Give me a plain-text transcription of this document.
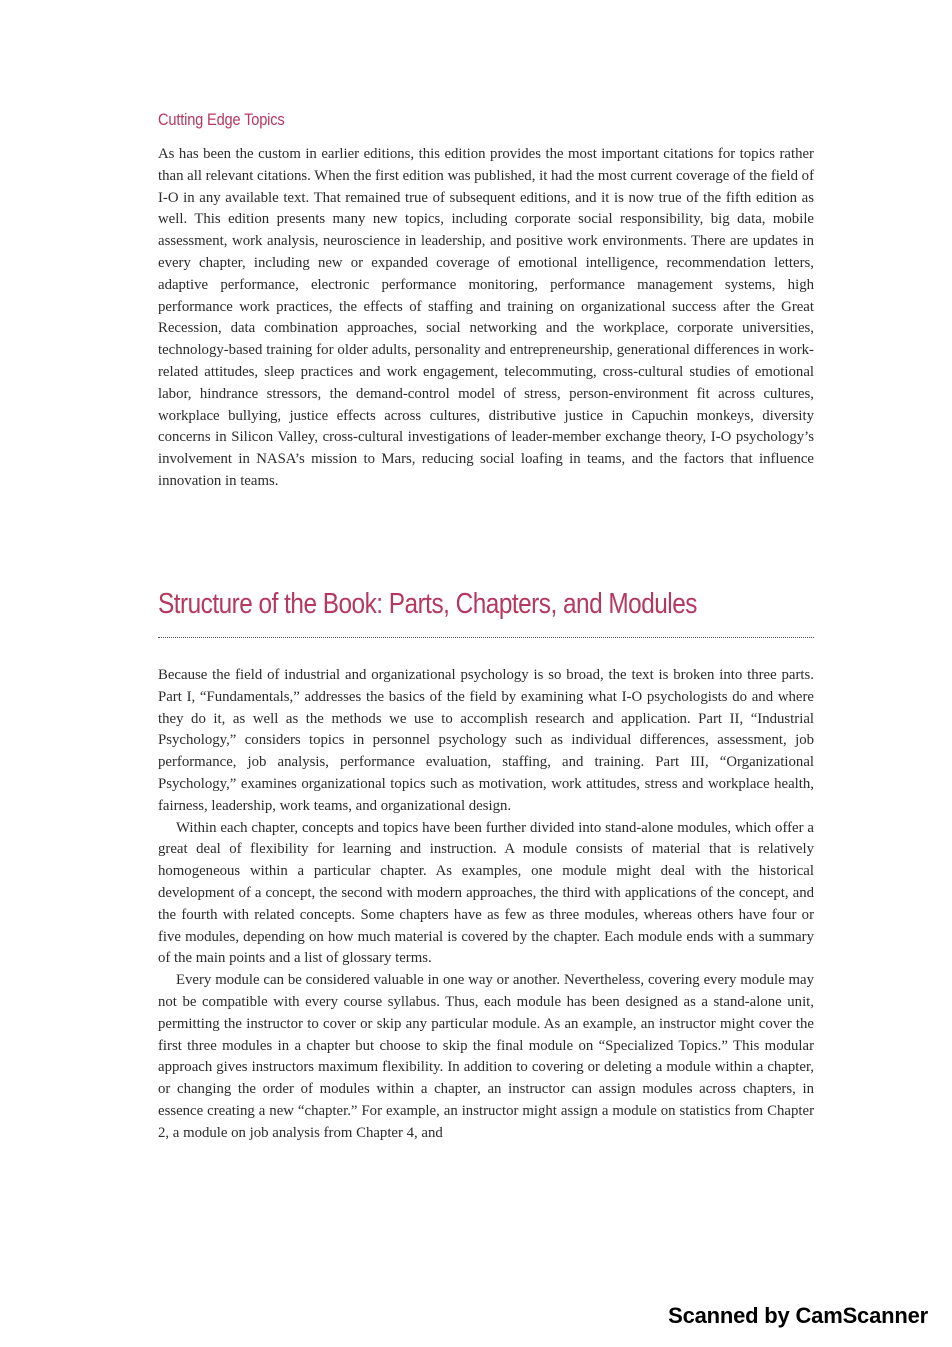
Cutting Edge Topics

As has been the custom in earlier editions, this edition provides the most important citations for topics rather than all relevant citations. When the first edition was published, it had the most current coverage of the field of I-O in any available text. That remained true of subsequent editions, and it is now true of the fifth edition as well. This edition presents many new topics, including corporate social responsibility, big data, mobile assessment, work analysis, neuroscience in leadership, and positive work environments. There are updates in every chapter, including new or expanded coverage of emotional intelligence, recommendation letters, adaptive performance, electronic performance monitoring, performance management systems, high performance work practices, the effects of staffing and training on organizational success after the Great Recession, data combination approaches, social networking and the workplace, corporate universities, technology-based training for older adults, personality and entrepreneurship, generational differences in work-related attitudes, sleep practices and work engagement, telecommuting, cross-cultural studies of emotional labor, hindrance stressors, the demand-control model of stress, person-environment fit across cultures, workplace bullying, justice effects across cultures, distributive justice in Capuchin monkeys, diversity concerns in Silicon Valley, cross-cultural investigations of leader-member exchange theory, I-O psychology’s involvement in NASA’s mission to Mars, reducing social loafing in teams, and the factors that influence innovation in teams.

Structure of the Book: Parts, Chapters, and Modules

Because the field of industrial and organizational psychology is so broad, the text is broken into three parts. Part I, “Fundamentals,” addresses the basics of the field by examining what I-O psychologists do and where they do it, as well as the methods we use to accomplish research and application. Part II, “Industrial Psychology,” considers topics in personnel psychology such as individual differences, assessment, job performance, job analysis, performance evaluation, staffing, and training. Part III, “Organizational Psychology,” examines organizational topics such as motivation, work attitudes, stress and workplace health, fairness, leadership, work teams, and organizational design.

Within each chapter, concepts and topics have been further divided into stand-alone modules, which offer a great deal of flexibility for learning and instruction. A module consists of material that is relatively homogeneous within a particular chapter. As examples, one module might deal with the historical development of a concept, the second with modern approaches, the third with applications of the concept, and the fourth with related concepts. Some chapters have as few as three modules, whereas others have four or five modules, depending on how much material is covered by the chapter. Each module ends with a summary of the main points and a list of glossary terms.

Every module can be considered valuable in one way or another. Nevertheless, covering every module may not be compatible with every course syllabus. Thus, each module has been designed as a stand-alone unit, permitting the instructor to cover or skip any particular module. As an example, an instructor might cover the first three modules in a chapter but choose to skip the final module on “Specialized Topics.” This modular approach gives instructors maximum flexibility. In addition to covering or deleting a module within a chapter, or changing the order of modules within a chapter, an instructor can assign modules across chapters, in essence creating a new “chapter.” For example, an instructor might assign a module on statistics from Chapter 2, a module on job analysis from Chapter 4, and

Scanned by CamScanner
